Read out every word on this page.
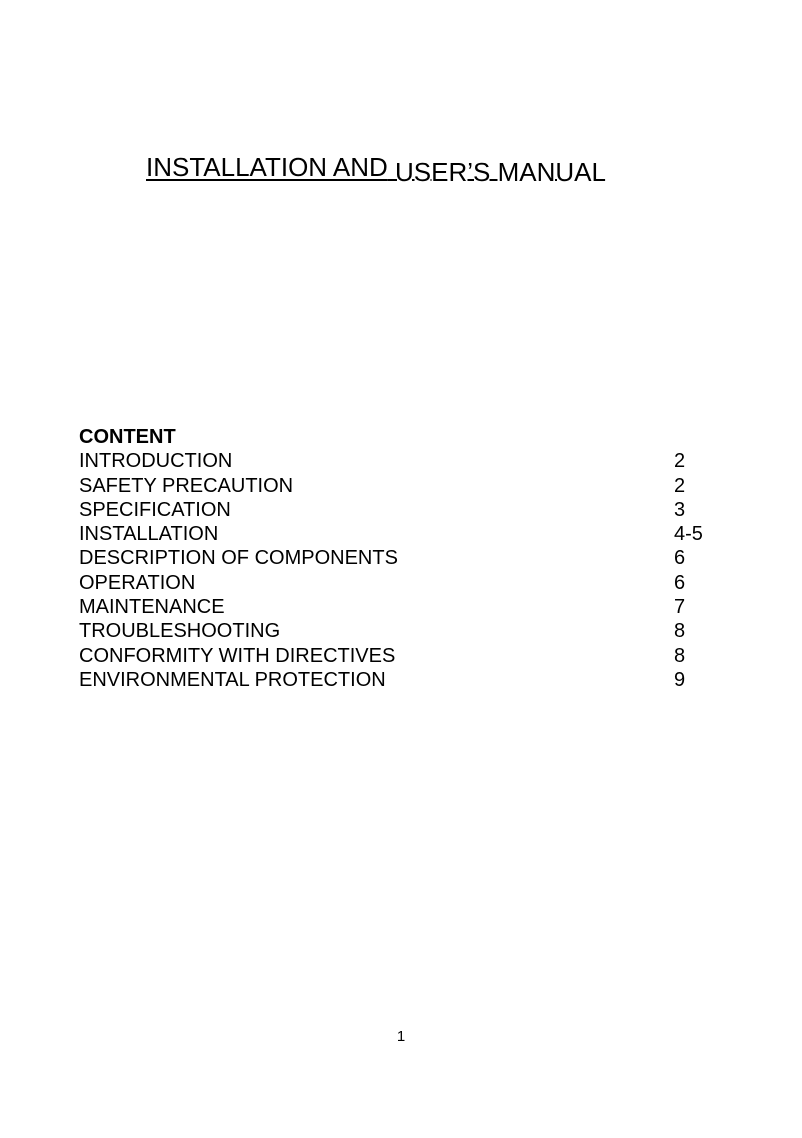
INSTALLATION AND USER’S MANUAL
CONTENT
INTRODUCTION	2
SAFETY PRECAUTION	2
SPECIFICATION	3
INSTALLATION	4-5
DESCRIPTION OF COMPONENTS	6
OPERATION	6
MAINTENANCE	7
TROUBLESHOOTING	8
CONFORMITY WITH DIRECTIVES	8
ENVIRONMENTAL PROTECTION	9
1
